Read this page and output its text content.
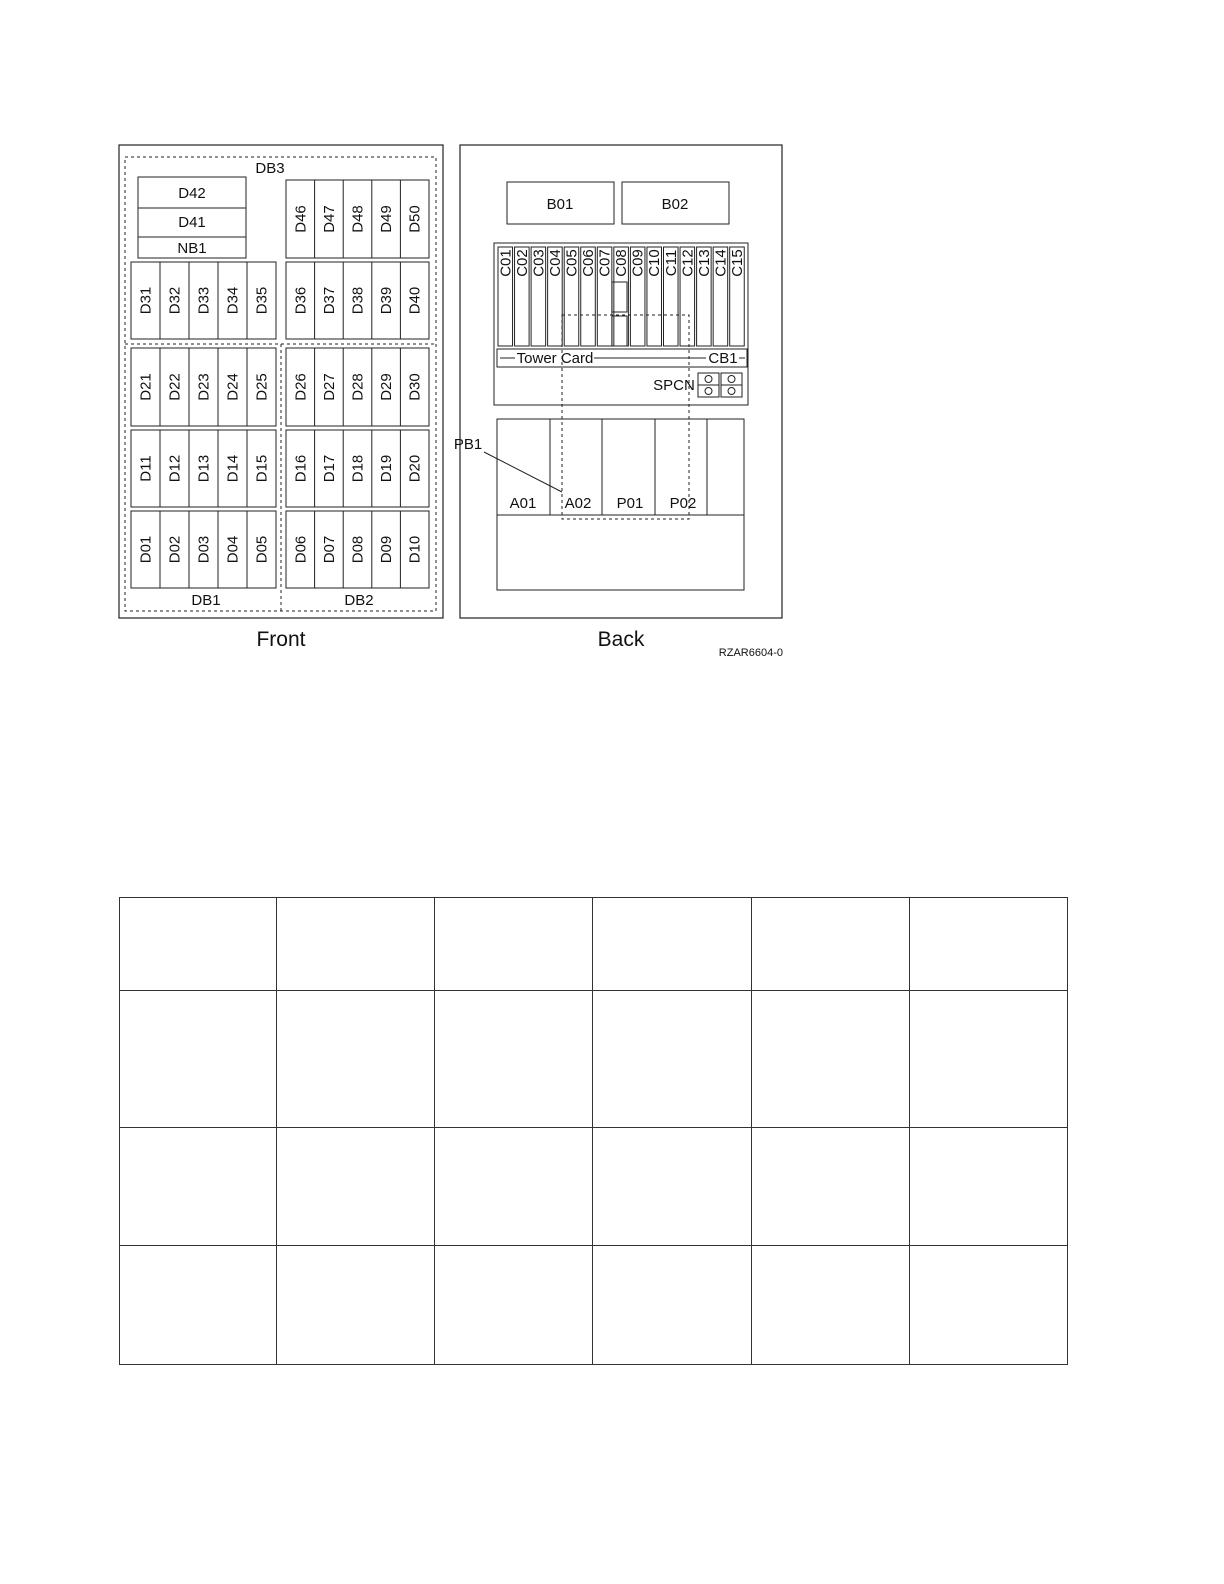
DB3
D42
D41
NB1
D46 D47 D48 D49 D50
D31 D32 D33 D34 D35 D36 D37 D38 D39 D40
D21 D22 D23 D24 D25 D26 D27 D28 D29 D30
D11 D12 D13 D14 D15 D16 D17 D18 D19 D20
D01 D02 D03 D04 D05 D06 D07 D08 D09 D10
DB1	DB2
Front
B01	B02
C01 C02 C03 C04 C05 C06 C07 C08 C09 C10 C11 C12 C13 C14 C15
Tower Card	CB1
SPCN
A01 A02 P01 P02
PB1
Back
RZAR6604-0
